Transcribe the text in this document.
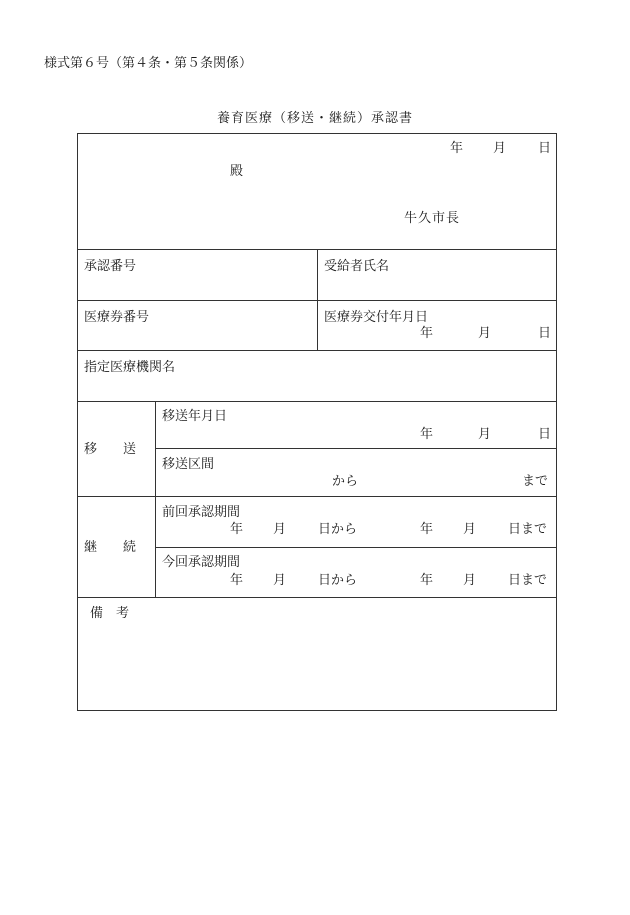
様式第６号（第４条・第５条関係）
養育医療（移送・継続）承認書
年 月 日
殿
牛久市長
承認番号	受給者氏名
医療券番号	医療券交付年月日
年	月	日
指定医療機関名
移　　送
移送年月日
年	月	日
移送区間
から	まで
継　　続
前回承認期間
年 月 日から	年 月 日まで
今回承認期間
年 月 日から	年 月 日まで
備　考
